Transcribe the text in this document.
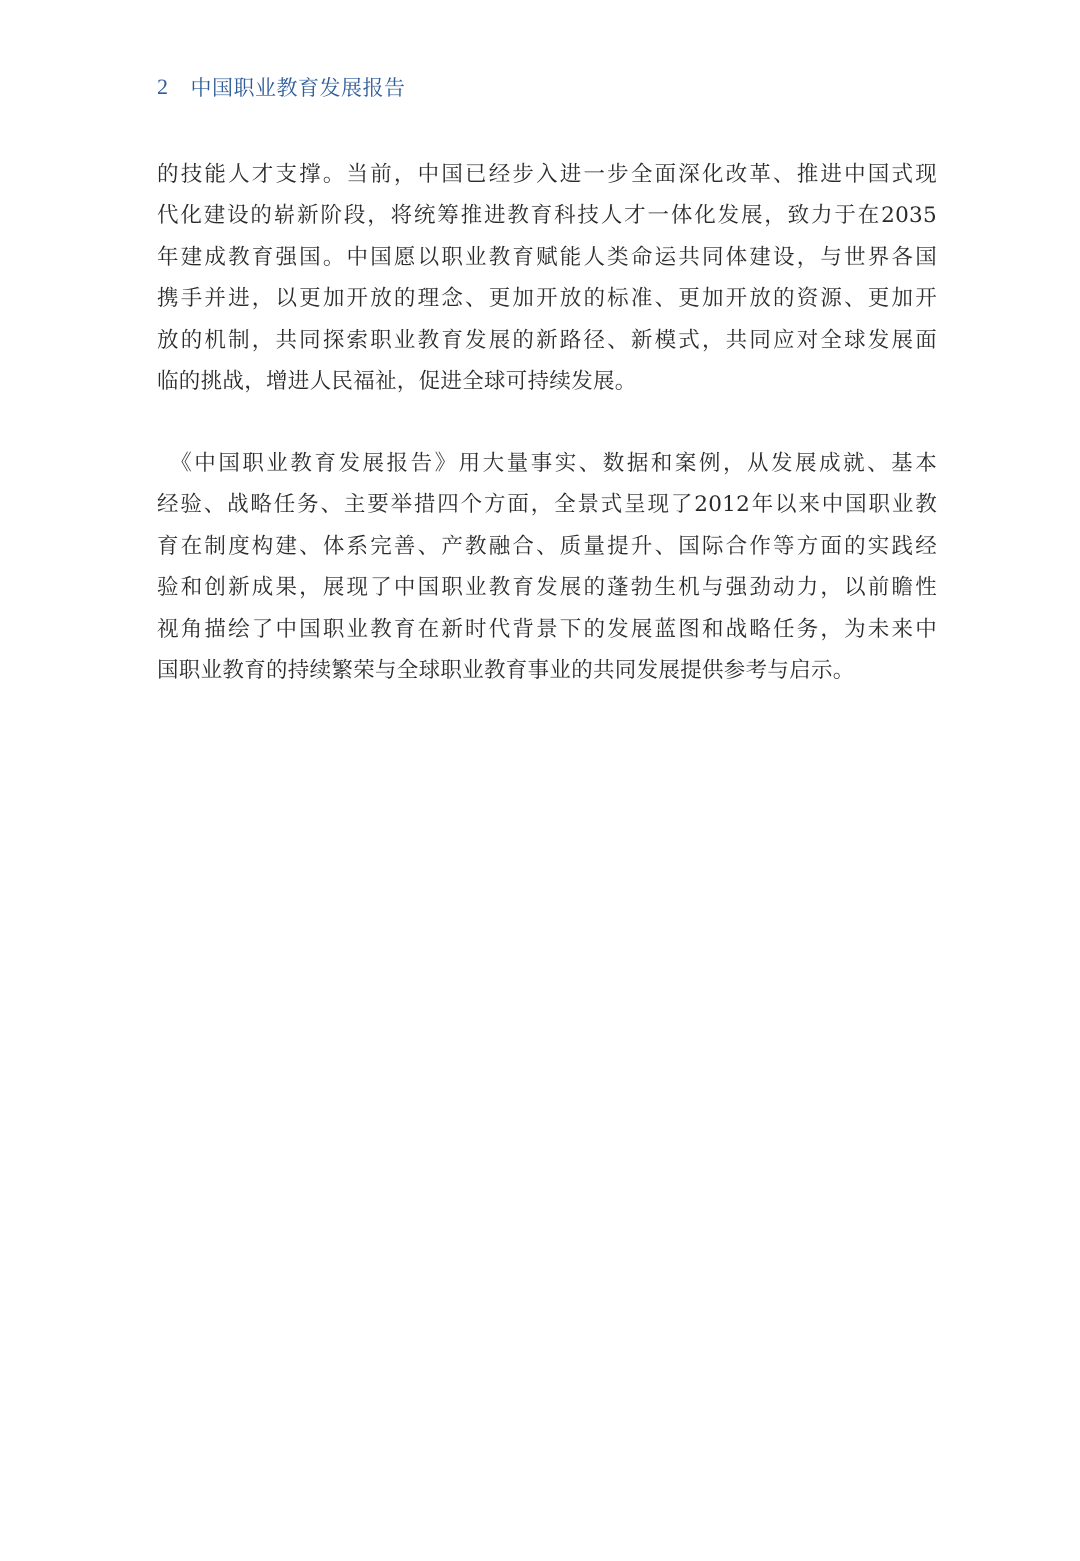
2 中国职业教育发展报告
的技能人才支撑。当前，中国已经步入进一步全面深化改革、推进中国式现
代化建设的崭新阶段，将统筹推进教育科技人才一体化发展，致力于在2035
年建成教育强国。中国愿以职业教育赋能人类命运共同体建设，与世界各国
携手并进，以更加开放的理念、更加开放的标准、更加开放的资源、更加开
放的机制，共同探索职业教育发展的新路径、新模式，共同应对全球发展面
临的挑战，增进人民福祉，促进全球可持续发展。
　《中国职业教育发展报告》用大量事实、数据和案例，从发展成就、基本
经验、战略任务、主要举措四个方面，全景式呈现了2012年以来中国职业教
育在制度构建、体系完善、产教融合、质量提升、国际合作等方面的实践经
验和创新成果，展现了中国职业教育发展的蓬勃生机与强劲动力，以前瞻性
视角描绘了中国职业教育在新时代背景下的发展蓝图和战略任务，为未来中
国职业教育的持续繁荣与全球职业教育事业的共同发展提供参考与启示。
